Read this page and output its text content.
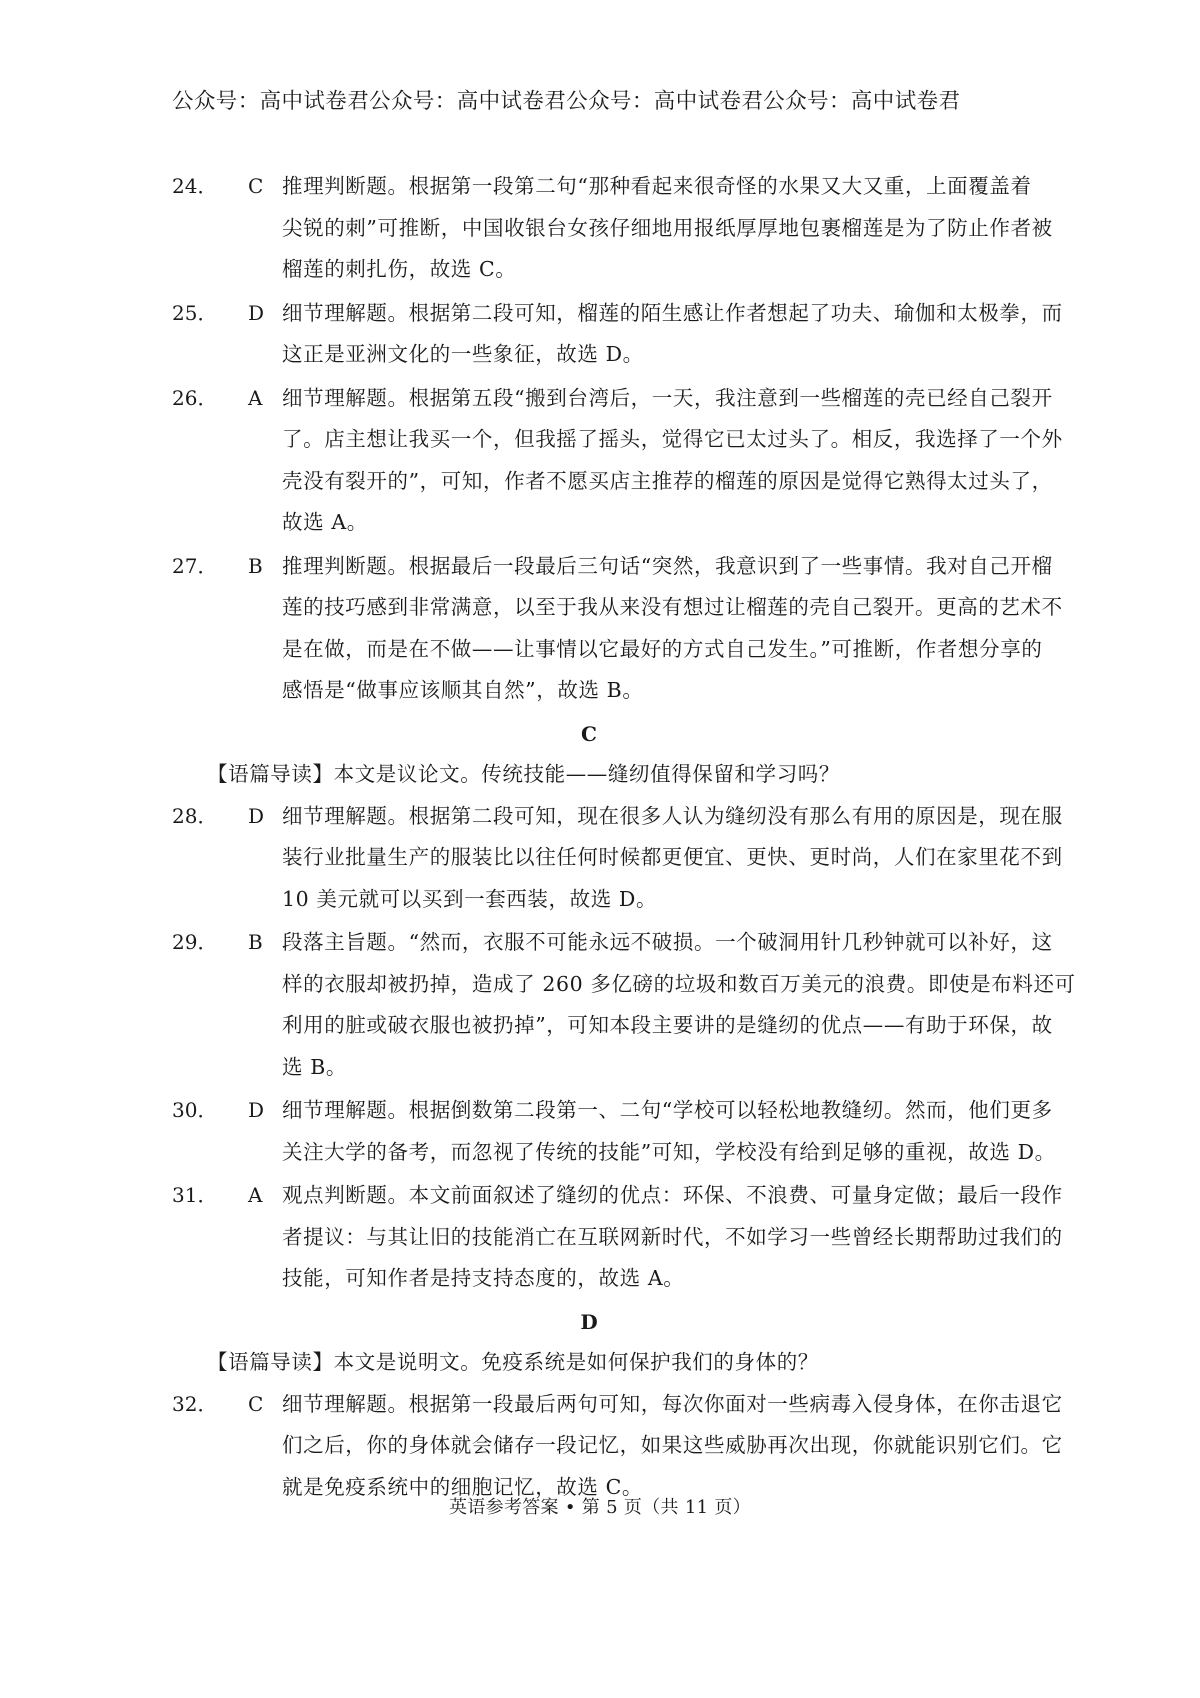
公众号：高中试卷君公众号：高中试卷君公众号：高中试卷君公众号：高中试卷君
24．	C 推理判断题。根据第一段第二句“那种看起来很奇怪的水果又大又重，上面覆盖着
尖锐的刺”可推断，中国收银台女孩仔细地用报纸厚厚地包裹榴莲是为了防止作者被
榴莲的刺扎伤，故选 C。
25．	D 细节理解题。根据第二段可知，榴莲的陌生感让作者想起了功夫、瑜伽和太极拳，而
这正是亚洲文化的一些象征，故选 D。
26．	A 细节理解题。根据第五段“搬到台湾后，一天，我注意到一些榴莲的壳已经自己裂开
了。店主想让我买一个，但我摇了摇头，觉得它已太过头了。相反，我选择了一个外
壳没有裂开的”，可知，作者不愿买店主推荐的榴莲的原因是觉得它熟得太过头了，
故选 A。
27．	B 推理判断题。根据最后一段最后三句话“突然，我意识到了一些事情。我对自己开榴
莲的技巧感到非常满意，以至于我从来没有想过让榴莲的壳自己裂开。更高的艺术不
是在做，而是在不做——让事情以它最好的方式自己发生。”可推断，作者想分享的
感悟是“做事应该顺其自然”，故选 B。
C
【语篇导读】本文是议论文。传统技能——缝纫值得保留和学习吗？
28．	D 细节理解题。根据第二段可知，现在很多人认为缝纫没有那么有用的原因是，现在服
装行业批量生产的服装比以往任何时候都更便宜、更快、更时尚，人们在家里花不到
10 美元就可以买到一套西装，故选 D。
29．	B 段落主旨题。“然而，衣服不可能永远不破损。一个破洞用针几秒钟就可以补好，这
样的衣服却被扔掉，造成了 260 多亿磅的垃圾和数百万美元的浪费。即使是布料还可
利用的脏或破衣服也被扔掉”，可知本段主要讲的是缝纫的优点——有助于环保，故
选 B。
30．	D 细节理解题。根据倒数第二段第一、二句“学校可以轻松地教缝纫。然而，他们更多
关注大学的备考，而忽视了传统的技能”可知，学校没有给到足够的重视，故选 D。
31．	A 观点判断题。本文前面叙述了缝纫的优点：环保、不浪费、可量身定做；最后一段作
者提议：与其让旧的技能消亡在互联网新时代，不如学习一些曾经长期帮助过我们的
技能，可知作者是持支持态度的，故选 A。
D
【语篇导读】本文是说明文。免疫系统是如何保护我们的身体的？
32．	C 细节理解题。根据第一段最后两句可知，每次你面对一些病毒入侵身体，在你击退它
们之后，你的身体就会储存一段记忆，如果这些威胁再次出现，你就能识别它们。它
就是免疫系统中的细胞记忆，故选 C。
英语参考答案 • 第 5 页（共 11 页）
